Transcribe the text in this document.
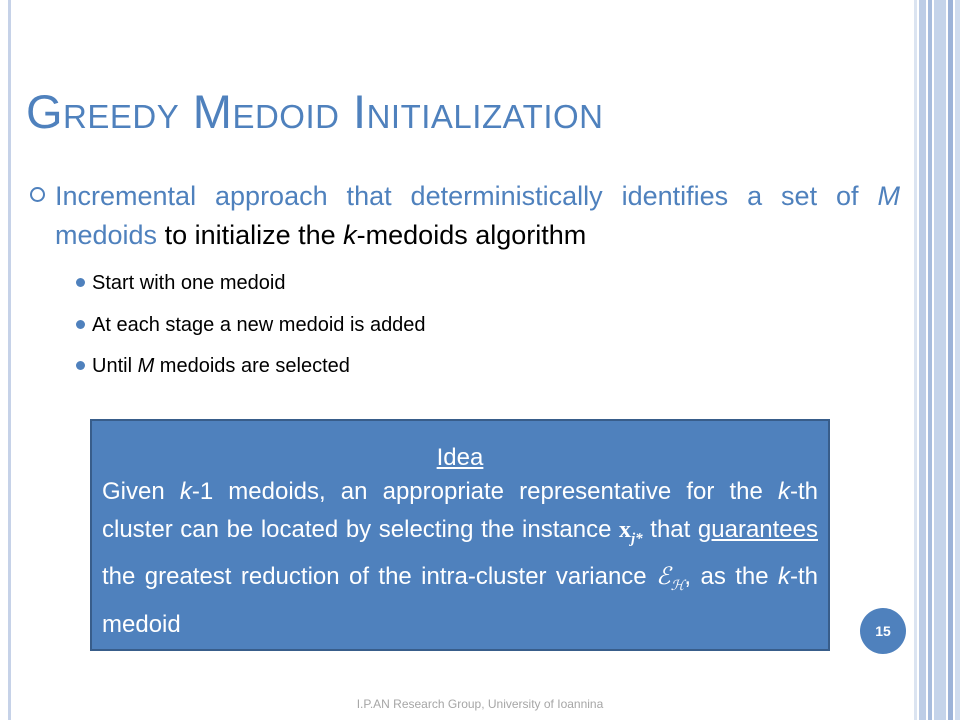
Greedy Medoid Initialization
Incremental approach that deterministically identifies a set of M medoids to initialize the k-medoids algorithm
Start with one medoid
At each stage a new medoid is added
Until M medoids are selected
Idea
Given k-1 medoids, an appropriate representative for the k-th cluster can be located by selecting the instance $x_{j*}$ that guarantees the greatest reduction of the intra-cluster variance ℰ$_ℋ$, as the k-th medoid	15
I.P.AN Research Group, University of Ioannina
